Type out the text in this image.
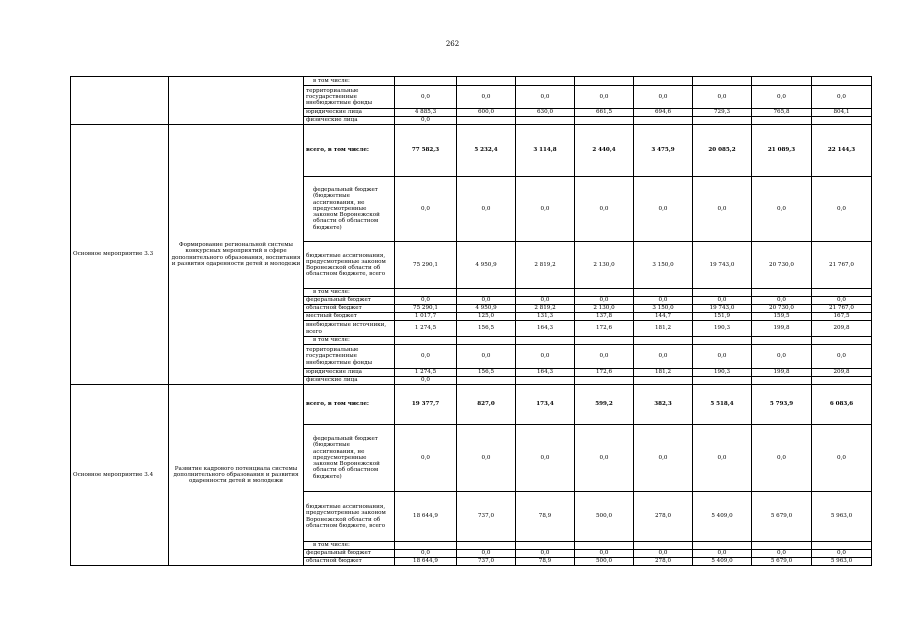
262
		в том числе:								
		территориальные государственные внебюджетные фонды	0,0	0,0	0,0	0,0	0,0	0,0	0,0	0,0
		юридические лица	4 885,3	600,0	630,0	661,5	694,6	729,3	765,8	804,1
		физические лица	0,0							
Основное мероприятие 3.3	Формирование региональной системы конкурсных мероприятий в сфере дополнительного образования, воспитания и развития одаренности детей и молодежи	всего, в том числе:	77 582,3	5 232,4	3 114,8	2 440,4	3 475,9	20 085,2	21 089,3	22 144,3
		федеральный бюджет (бюджетные ассигнования, не предусмотренные законом Воронежской области об областном бюджете)	0,0	0,0	0,0	0,0	0,0	0,0	0,0	0,0
		бюджетные ассигнования, предусмотренные законом Воронежской области об областном бюджете, всего	75 290,1	4 950,9	2 819,2	2 130,0	3 150,0	19 743,0	20 730,0	21 767,0
		в том числе:								
		федеральный бюджет	0,0	0,0	0,0	0,0	0,0	0,0	0,0	0,0
		областной бюджет	75 290,1	4 950,9	2 819,2	2 130,0	3 150,0	19 743,0	20 730,0	21 767,0
		местный бюджет	1 017,7	125,0	131,3	137,8	144,7	151,9	159,5	167,5
		внебюджетные источники, всего	1 274,5	156,5	164,3	172,6	181,2	190,3	199,8	209,8
		в том числе:								
		территориальные государственные внебюджетные фонды	0,0	0,0	0,0	0,0	0,0	0,0	0,0	0,0
		юридические лица	1 274,5	156,5	164,3	172,6	181,2	190,3	199,8	209,8
		физические лица	0,0							
Основное мероприятие 3.4	Развитие кадрового потенциала системы дополнительного образования и развития одаренности детей и молодежи	всего, в том числе:	19 377,7	827,0	173,4	599,2	382,3	5 518,4	5 793,9	6 083,6
		федеральный бюджет (бюджетные ассигнования, не предусмотренные законом Воронежской области об областном бюджете)	0,0	0,0	0,0	0,0	0,0	0,0	0,0	0,0
		бюджетные ассигнования, предусмотренные законом Воронежской области об областном бюджете, всего	18 644,9	737,0	78,9	500,0	278,0	5 409,0	5 679,0	5 963,0
		в том числе:								
		федеральный бюджет	0,0	0,0	0,0	0,0	0,0	0,0	0,0	0,0
		областной бюджет	18 644,9	737,0	78,9	500,0	278,0	5 409,0	5 679,0	5 963,0
